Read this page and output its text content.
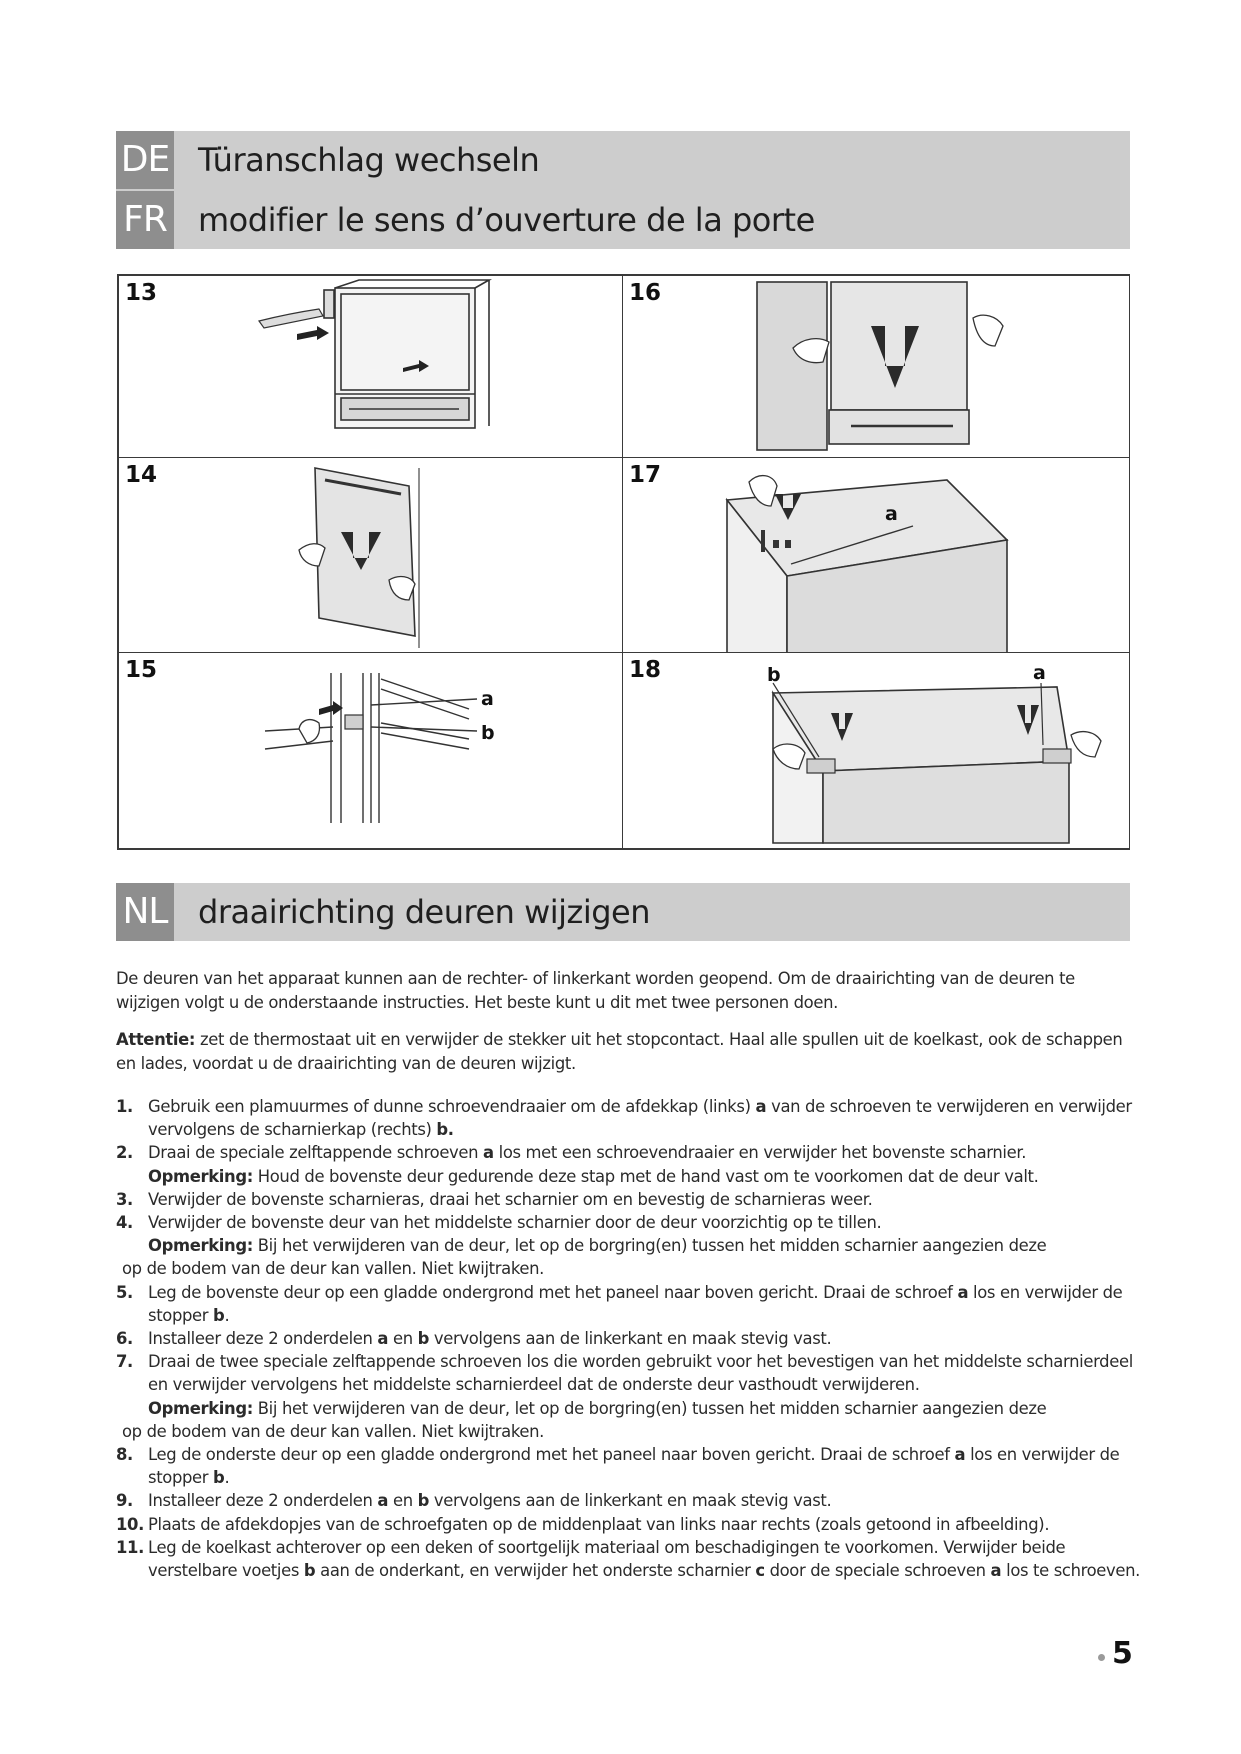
DE Türanschlag wechseln
FR modifier le sens d’ouverture de la porte
13	16
14
a
17
a
b
15	b	a
18
NL draairichting deuren wijzigen
De deuren van het apparaat kunnen aan de rechter- of linkerkant worden geopend. Om de draairichting van de deuren te wijzigen volgt u de onderstaande instructies. Het beste kunt u dit met twee personen doen.
Attentie: zet de thermostaat uit en verwijder de stekker uit het stopcontact. Haal alle spullen uit de koelkast, ook de schappen en lades, voordat u de draairichting van de deuren wijzigt.
1. Gebruik een plamuurmes of dunne schroevendraaier om de afdekkap (links) a van de schroeven te verwijderen en verwijder vervolgens de scharnierkap (rechts) b.
2. Draai de speciale zelftappende schroeven a los met een schroevendraaier en verwijder het bovenste scharnier.
Opmerking: Houd de bovenste deur gedurende deze stap met de hand vast om te voorkomen dat de deur valt.
3. Verwijder de bovenste scharnieras, draai het scharnier om en bevestig de scharnieras weer.
4. Verwijder de bovenste deur van het middelste scharnier door de deur voorzichtig op te tillen.
Opmerking: Bij het verwijderen van de deur, let op de borgring(en) tussen het midden scharnier aangezien deze
op de bodem van de deur kan vallen. Niet kwijtraken.
5. Leg de bovenste deur op een gladde ondergrond met het paneel naar boven gericht. Draai de schroef a los en verwijder de stopper b.
6. Installeer deze 2 onderdelen a en b vervolgens aan de linkerkant en maak stevig vast.
7. Draai de twee speciale zelftappende schroeven los die worden gebruikt voor het bevestigen van het middelste scharnierdeel en verwijder vervolgens het middelste scharnierdeel dat de onderste deur vasthoudt verwijderen.
Opmerking: Bij het verwijderen van de deur, let op de borgring(en) tussen het midden scharnier aangezien deze
op de bodem van de deur kan vallen. Niet kwijtraken.
8. Leg de onderste deur op een gladde ondergrond met het paneel naar boven gericht. Draai de schroef a los en verwijder de stopper b.
9. Installeer deze 2 onderdelen a en b vervolgens aan de linkerkant en maak stevig vast.
10. Plaats de afdekdopjes van de schroefgaten op de middenplaat van links naar rechts (zoals getoond in afbeelding).
11. Leg de koelkast achterover op een deken of soortgelijk materiaal om beschadigingen te voorkomen. Verwijder beide verstelbare voetjes b aan de onderkant, en verwijder het onderste scharnier c door de speciale schroeven a los te schroeven.
5
